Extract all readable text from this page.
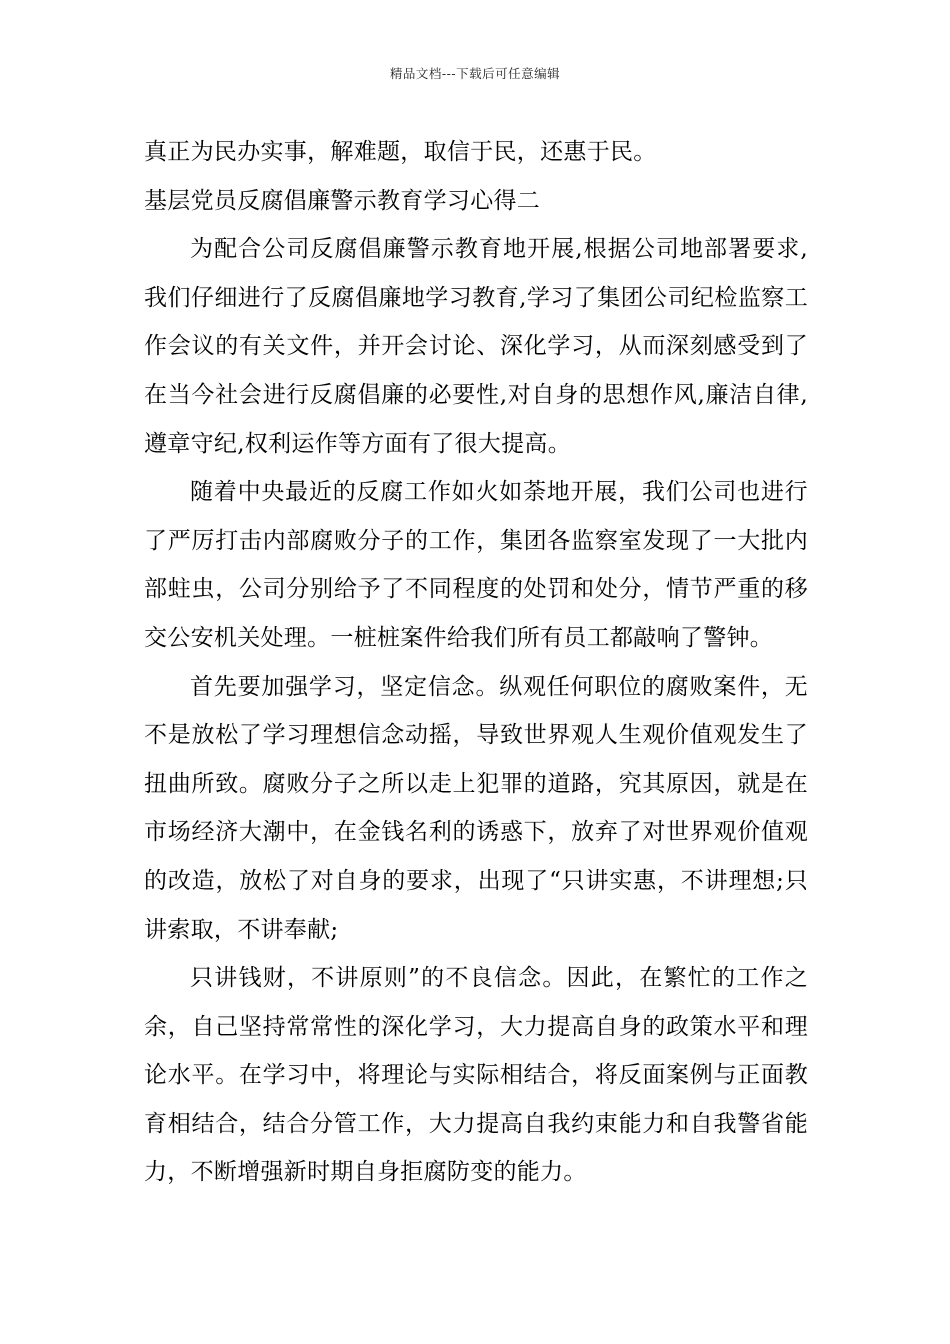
精品文档---下载后可任意编辑

真正为民办实事，解难题，取信于民，还惠于民。

基层党员反腐倡廉警示教育学习心得二

为配合公司反腐倡廉警示教育地开展,根据公司地部署要求,我们仔细进行了反腐倡廉地学习教育,学习了集团公司纪检监察工作会议的有关文件，并开会讨论、深化学习，从而深刻感受到了在当今社会进行反腐倡廉的必要性,对自身的思想作风,廉洁自律,遵章守纪,权利运作等方面有了很大提高。

随着中央最近的反腐工作如火如荼地开展，我们公司也进行了严厉打击内部腐败分子的工作，集团各监察室发现了一大批内部蛀虫，公司分别给予了不同程度的处罚和处分，情节严重的移交公安机关处理。一桩桩案件给我们所有员工都敲响了警钟。

首先要加强学习，坚定信念。纵观任何职位的腐败案件，无不是放松了学习理想信念动摇，导致世界观人生观价值观发生了扭曲所致。腐败分子之所以走上犯罪的道路，究其原因，就是在市场经济大潮中，在金钱名利的诱惑下，放弃了对世界观价值观的改造，放松了对自身的要求，出现了“只讲实惠，不讲理想;只讲索取，不讲奉献;

只讲钱财，不讲原则”的不良信念。因此，在繁忙的工作之余，自己坚持常常性的深化学习，大力提高自身的政策水平和理论水平。在学习中，将理论与实际相结合，将反面案例与正面教育相结合，结合分管工作，大力提高自我约束能力和自我警省能力，不断增强新时期自身拒腐防变的能力。
